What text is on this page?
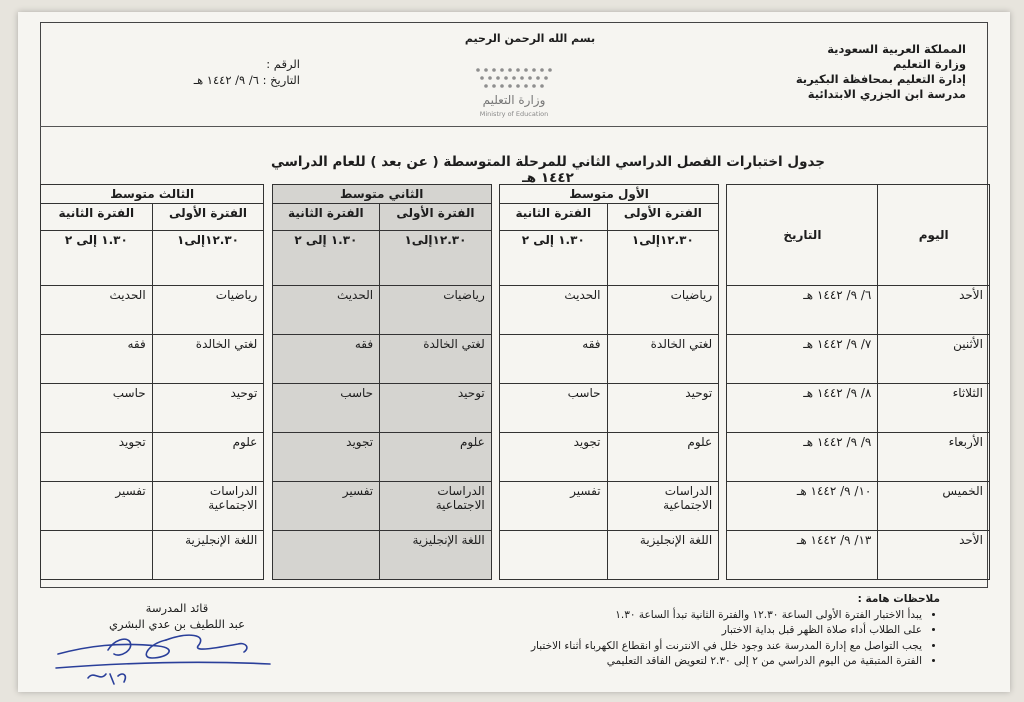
بسم الله الرحمن الرحيم
المملكة العربية السعودية
وزارة التعليم
إدارة التعليم بمحافظة البكيرية
مدرسة ابن الجزري الابتدائية
الرقم :
التاريخ : ٦/ ٩/ ١٤٤٢ هـ
وزارة التعليم
Ministry of Education
جدول اختبارات الفصل الدراسي الثاني للمرحلة المتوسطة ( عن بعد ) للعام الدراسي ١٤٤٢ هـ
اليوم	التاريخ		الأول متوسط			الثاني متوسط			الثالث متوسط	
			الفترة الأولى	الفترة الثانية		الفترة الأولى	الفترة الثانية		الفترة الأولى	الفترة الثانية
			١٢.٣٠إلى١	١.٣٠ إلى ٢		١٢.٣٠إلى١	١.٣٠ إلى ٢		١٢.٣٠إلى١	١.٣٠ إلى ٢
الأحد	٦/ ٩/ ١٤٤٢ هـ		رياضيات	الحديث		رياضيات	الحديث		رياضيات	الحديث
الأثنين	٧/ ٩/ ١٤٤٢ هـ		لغتي الخالدة	فقه		لغتي الخالدة	فقه		لغتي الخالدة	فقه
الثلاثاء	٨/ ٩/ ١٤٤٢ هـ		توحيد	حاسب		توحيد	حاسب		توحيد	حاسب
الأربعاء	٩/ ٩/ ١٤٤٢ هـ		علوم	تجويد		علوم	تجويد		علوم	تجويد
الخميس	١٠/ ٩/ ١٤٤٢ هـ		الدراسات الاجتماعية	تفسير		الدراسات الاجتماعية	تفسير		الدراسات الاجتماعية	تفسير
الأحد	١٣/ ٩/ ١٤٤٢ هـ		اللغة الإنجليزية			اللغة الإنجليزية			اللغة الإنجليزية	
ملاحظات هامة :
• يبدأ الاختبار الفترة الأولى الساعة ١٢.٣٠ والفترة الثانية تبدأ الساعة ١.٣٠
• على الطلاب أداء صلاة الظهر قبل بداية الاختبار
• يجب التواصل مع إدارة المدرسة عند وجود خلل في الانترنت أو انقطاع الكهرباء أثناء الاختبار
• الفترة المتبقية من اليوم الدراسي من ٢ إلى ٢.٣٠ لتعويض الفاقد التعليمي
قائد المدرسة
عبد اللطيف بن عدي البشري
